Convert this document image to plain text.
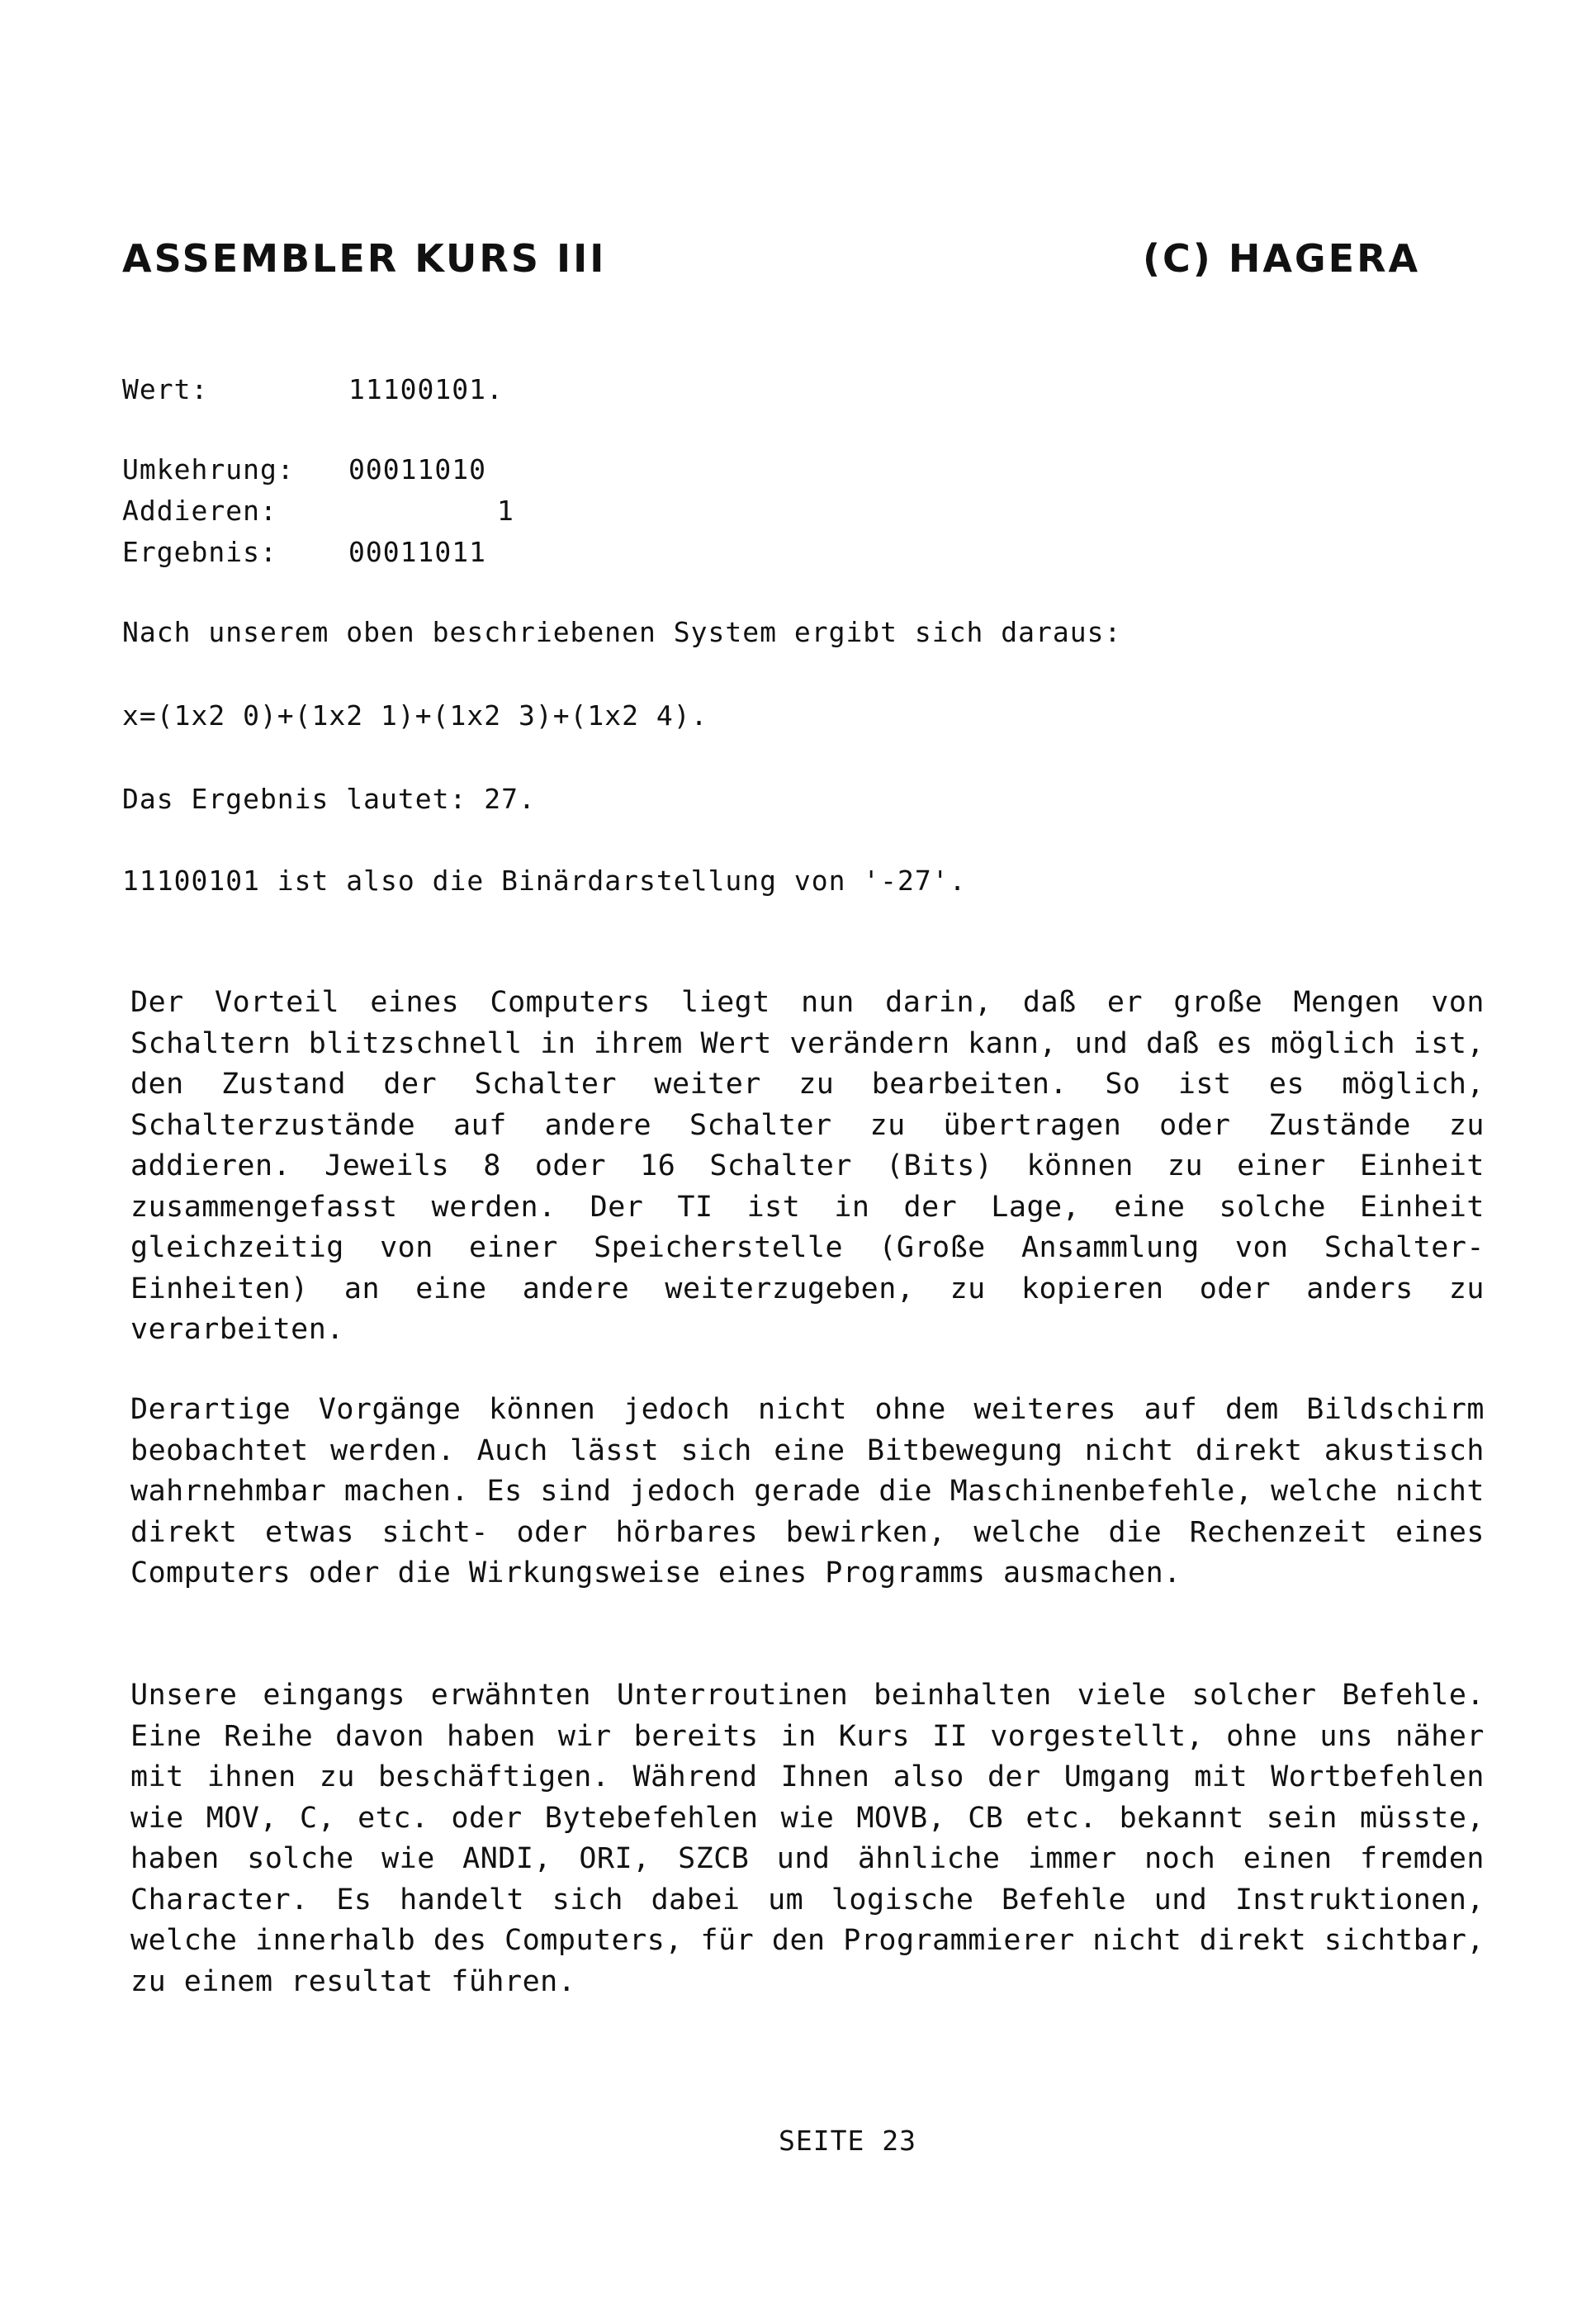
ASSEMBLER KURS III	(C) HAGERA
Wert:	11100101.
Umkehrung: 00011010
Addieren:	1
Ergebnis:	00011011
Nach unserem oben beschriebenen System ergibt sich daraus:
x=(1x2 0)+(1x2 1)+(1x2 3)+(1x2 4).
Das Ergebnis lautet: 27.
11100101 ist also die Binärdarstellung von '-27'.

Der Vorteil eines Computers liegt nun darin, daß er große Mengen von Schaltern blitzschnell in ihrem Wert verändern kann, und daß es möglich ist, den Zustand der Schalter weiter zu bearbeiten. So ist es möglich, Schalterzustände auf andere Schalter zu übertragen oder Zustände zu addieren. Jeweils 8 oder 16 Schalter (Bits) können zu einer Einheit zusammengefasst werden. Der TI ist in der Lage, eine solche Einheit gleichzeitig von einer Speicherstelle (Große Ansammlung von Schalter-Einheiten) an eine andere weiterzugeben, zu kopieren oder anders zu verarbeiten.

Derartige Vorgänge können jedoch nicht ohne weiteres auf dem Bildschirm beobachtet werden. Auch lässt sich eine Bitbewegung nicht direkt akustisch wahrnehmbar machen. Es sind jedoch gerade die Maschinenbefehle, welche nicht direkt etwas sicht- oder hörbares bewirken, welche die Rechenzeit eines Computers oder die Wirkungsweise eines Programms ausmachen.

Unsere eingangs erwähnten Unterroutinen beinhalten viele solcher Befehle. Eine Reihe davon haben wir bereits in Kurs II vorgestellt, ohne uns näher mit ihnen zu beschäftigen. Während Ihnen also der Umgang mit Wortbefehlen wie MOV, C, etc. oder Bytebefehlen wie MOVB, CB etc. bekannt sein müsste, haben solche wie ANDI, ORI, SZCB und ähnliche immer noch einen fremden Character. Es handelt sich dabei um logische Befehle und Instruktionen, welche innerhalb des Computers, für den Programmierer nicht direkt sichtbar, zu einem resultat führen.

SEITE 23
